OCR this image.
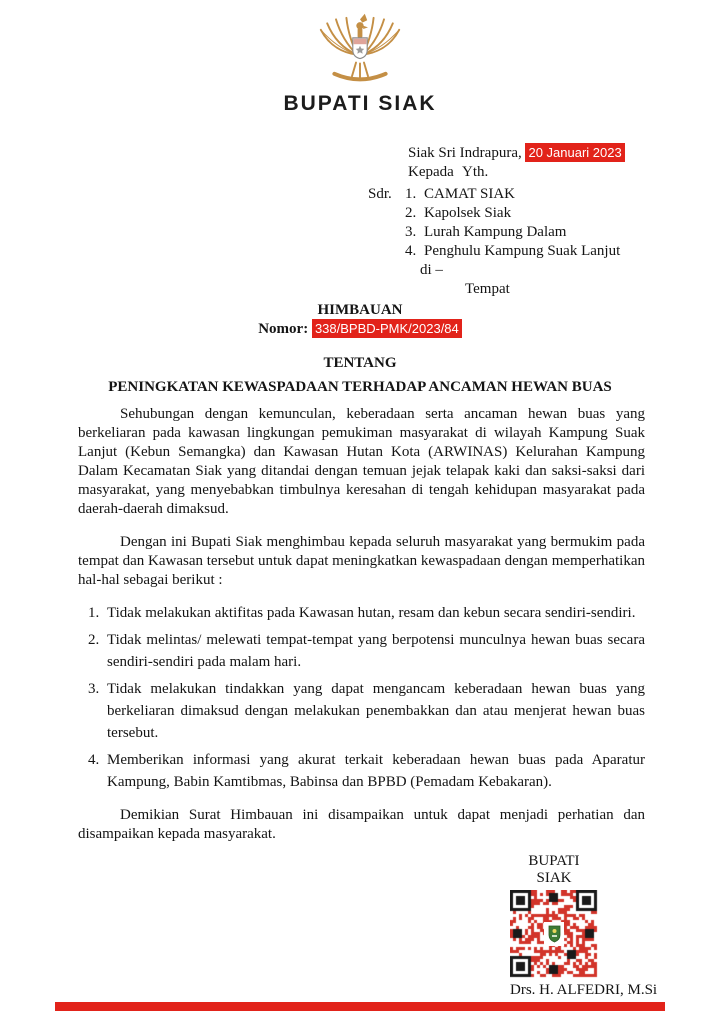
BUPATI SIAK
Siak Sri Indrapura, 20 Januari 2023
Kepada Yth.
Sdr.	1. CAMAT SIAK
2. Kapolsek Siak
3. Lurah Kampung Dalam
4. Penghulu Kampung Suak Lanjut
di –
Tempat
HIMBAUAN
Nomor: 338/BPBD-PMK/2023/84
TENTANG
PENINGKATAN KEWASPADAAN TERHADAP ANCAMAN HEWAN BUAS

Sehubungan dengan kemunculan, keberadaan serta ancaman hewan buas yang berkeliaran pada kawasan lingkungan pemukiman masyarakat di wilayah Kampung Suak Lanjut (Kebun Semangka) dan Kawasan Hutan Kota (ARWINAS) Kelurahan Kampung Dalam Kecamatan Siak yang ditandai dengan temuan jejak telapak kaki dan saksi-saksi dari masyarakat, yang menyebabkan timbulnya keresahan di tengah kehidupan masyarakat pada daerah-daerah dimaksud.

Dengan ini Bupati Siak menghimbau kepada seluruh masyarakat yang bermukim pada tempat dan Kawasan tersebut untuk dapat meningkatkan kewaspadaan dengan memperhatikan hal-hal sebagai berikut :

1. Tidak melakukan aktifitas pada Kawasan hutan, resam dan kebun secara sendiri-sendiri.
2. Tidak melintas/ melewati tempat-tempat yang berpotensi munculnya hewan buas secara sendiri-sendiri pada malam hari.
3. Tidak melakukan tindakkan yang dapat mengancam keberadaan hewan buas yang berkeliaran dimaksud dengan melakukan penembakkan dan atau menjerat hewan buas tersebut.
4. Memberikan informasi yang akurat terkait keberadaan hewan buas pada Aparatur Kampung, Babin Kamtibmas, Babinsa dan BPBD (Pemadam Kebakaran).

Demikian Surat Himbauan ini disampaikan untuk dapat menjadi perhatian dan disampaikan kepada masyarakat.

BUPATI SIAK
Drs. H. ALFEDRI, M.Si
